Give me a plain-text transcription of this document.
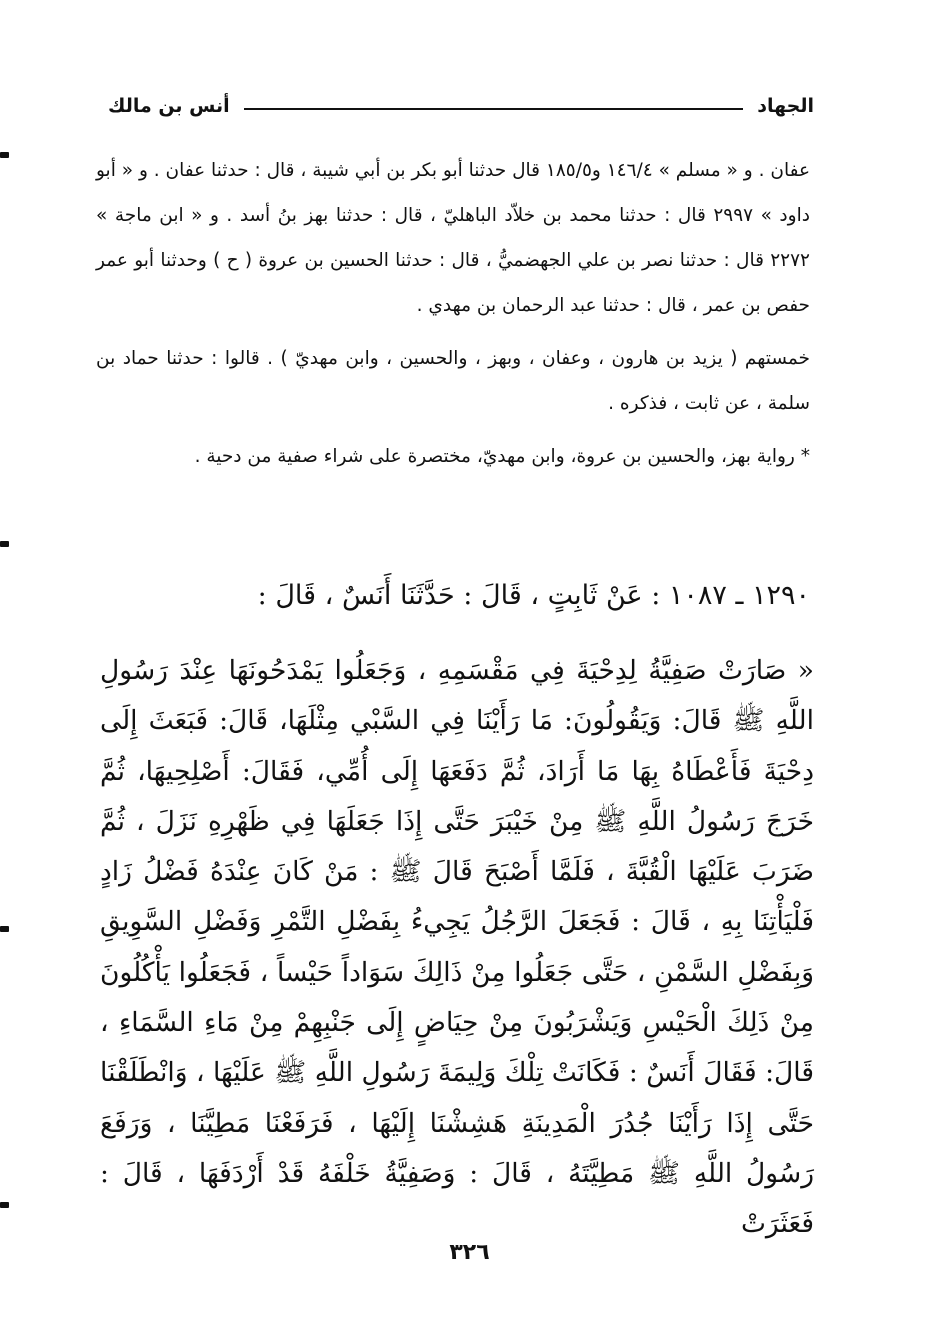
الجهاد
أنس بن مالك

عفان . و « مسلم » ١٤٦/٤ و١٨٥/٥ قال حدثنا أبو بكر بن أبي شيبة ، قال : حدثنا عفان . و « أبو داود » ٢٩٩٧ قال : حدثنا محمد بن خلاّد الباهليّ ، قال : حدثنا بهز بنُ أسد . و « ابن ماجة » ٢٢٧٢ قال : حدثنا نصر بن علي الجهضميُّ ، قال : حدثنا الحسين بن عروة ( ح ) وحدثنا أبو عمر حفص بن عمر ، قال : حدثنا عبد الرحمان بن مهدي .

خمستهم ( يزيد بن هارون ، وعفان ، وبهز ، والحسين ، وابن مهديّ ) . قالوا : حدثنا حماد بن سلمة ، عن ثابت ، فذكره .

* رواية بهز، والحسين بن عروة، وابن مهديّ، مختصرة على شراء صفية من دحية .

١٢٩٠ ـ ١٠٨٧ : عَنْ ثَابِتٍ ، قَالَ : حَدَّثَنَا أَنَسٌ ، قَالَ :

« صَارَتْ صَفِيَّةُ لِدِحْيَةَ فِي مَقْسَمِهِ ، وَجَعَلُوا يَمْدَحُونَهَا عِنْدَ رَسُولِ اللَّهِ ﷺ قَالَ: وَيَقُولُونَ: مَا رَأَيْنَا فِي السَّبْي مِثْلَهَا، قَالَ: فَبَعَثَ إِلَى دِحْيَةَ فَأَعْطَاهُ بِهَا مَا أَرَادَ، ثُمَّ دَفَعَهَا إِلَى أُمِّي، فَقَالَ: أَصْلِحِيهَا، ثُمَّ خَرَجَ رَسُولُ اللَّهِ ﷺ مِنْ خَيْبَرَ حَتَّى إِذَا جَعَلَهَا فِي ظَهْرِهِ نَزَلَ ، ثُمَّ ضَرَبَ عَلَيْهَا الْقُبَّةَ ، فَلَمَّا أَصْبَحَ قَالَ ﷺ : مَنْ كَانَ عِنْدَهُ فَضْلُ زَادٍ فَلْيَأْتِنَا بِهِ ، قَالَ : فَجَعَلَ الرَّجُلُ يَجِيءُ بِفَضْلِ التَّمْرِ وَفَضْلِ السَّوِيقِ وَبِفَضْلِ السَّمْنِ ، حَتَّى جَعَلُوا مِنْ ذَالِكَ سَوَاداً حَيْساً ، فَجَعَلُوا يَأْكُلُونَ مِنْ ذَلِكَ الْحَيْسِ وَيَشْرَبُونَ مِنْ حِيَاضٍ إِلَى جَنْبِهِمْ مِنْ مَاءِ السَّمَاءِ ، قَالَ: فَقَالَ أَنَسٌ : فَكَانَتْ تِلْكَ وَلِيمَةَ رَسُولِ اللَّهِ ﷺ عَلَيْهَا ، وَانْطَلَقْنَا حَتَّى إِذَا رَأَيْنَا جُدُرَ الْمَدِينَةِ هَشِشْنَا إِلَيْهَا ، فَرَفَعْنَا مَطِيَّنَا ، وَرَفَعَ رَسُولُ اللَّهِ ﷺ مَطِيَّتَهُ ، قَالَ : وَصَفِيَّةُ خَلْفَهُ قَدْ أَرْدَفَهَا ، قَالَ : فَعَثَرَتْ

٣٢٦
